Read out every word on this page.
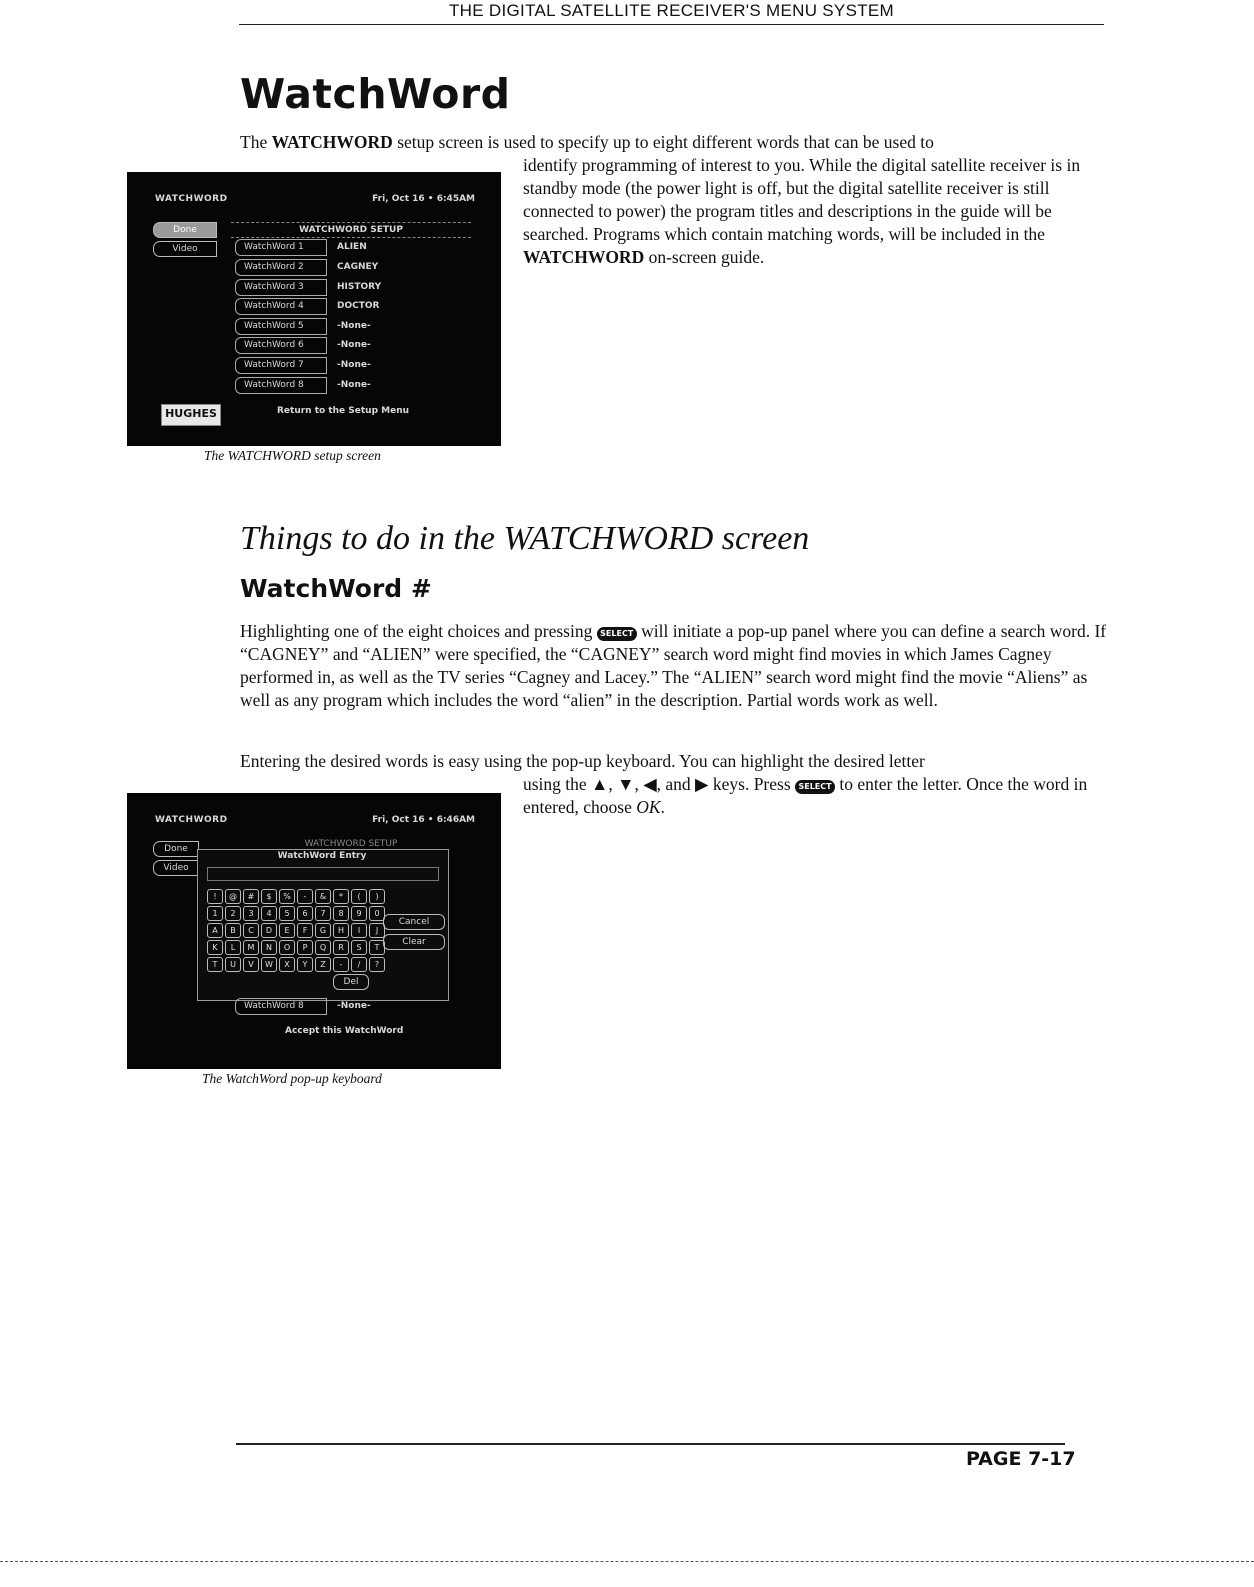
THE DIGITAL SATELLITE RECEIVER'S MENU SYSTEM
WatchWord
The WATCHWORD setup screen is used to specify up to eight different words that can be used to
identify programming of interest to you. While the digital satellite receiver is in standby mode (the power light is off, but the digital satellite receiver is still connected to power) the program titles and descriptions in the guide will be searched. Programs which contain matching words, will be included in the WATCHWORD on-screen guide.
WATCHWORD	Fri, Oct 16 • 6:45AM
Done
Video
WATCHWORD SETUP
WatchWord 1	ALIEN
WatchWord 2	CAGNEY
WatchWord 3	HISTORY
WatchWord 4	DOCTOR
WatchWord 5	-None-
WatchWord 6	-None-
WatchWord 7	-None-
WatchWord 8	-None-
HUGHES	Return to the Setup Menu
The WATCHWORD setup screen
Things to do in the WATCHWORD screen
WatchWord #
Highlighting one of the eight choices and pressing SELECT will initiate a pop-up panel where you can define a search word. If “CAGNEY” and “ALIEN” were specified, the “CAGNEY” search word might find movies in which James Cagney performed in, as well as the TV series “Cagney and Lacey.” The “ALIEN” search word might find the movie “Aliens” as well as any program which includes the word “alien” in the description. Partial words work as well.
Entering the desired words is easy using the pop-up keyboard. You can highlight the desired letter
using the ▲, ▼, ◀, and ▶ keys. Press SELECT to enter the letter. Once the word in entered, choose OK.
WATCHWORD	Fri, Oct 16 • 6:46AM
Done
Video
WATCHWORD SETUP
WatchWord Entry
!	@	#	$	%	-	&	*	(	)
1	2	3	4	5	6	7	8	9	0
A	B	C	D	E	F	G	H	I	J
K	L	M	N	O	P	Q	R	S	T
T	U	V	W	X	Y	Z	-	/	?
Cancel
Clear
Del
WatchWord 8	-None-
Accept this WatchWord
The WatchWord pop-up keyboard
PAGE 7-17
